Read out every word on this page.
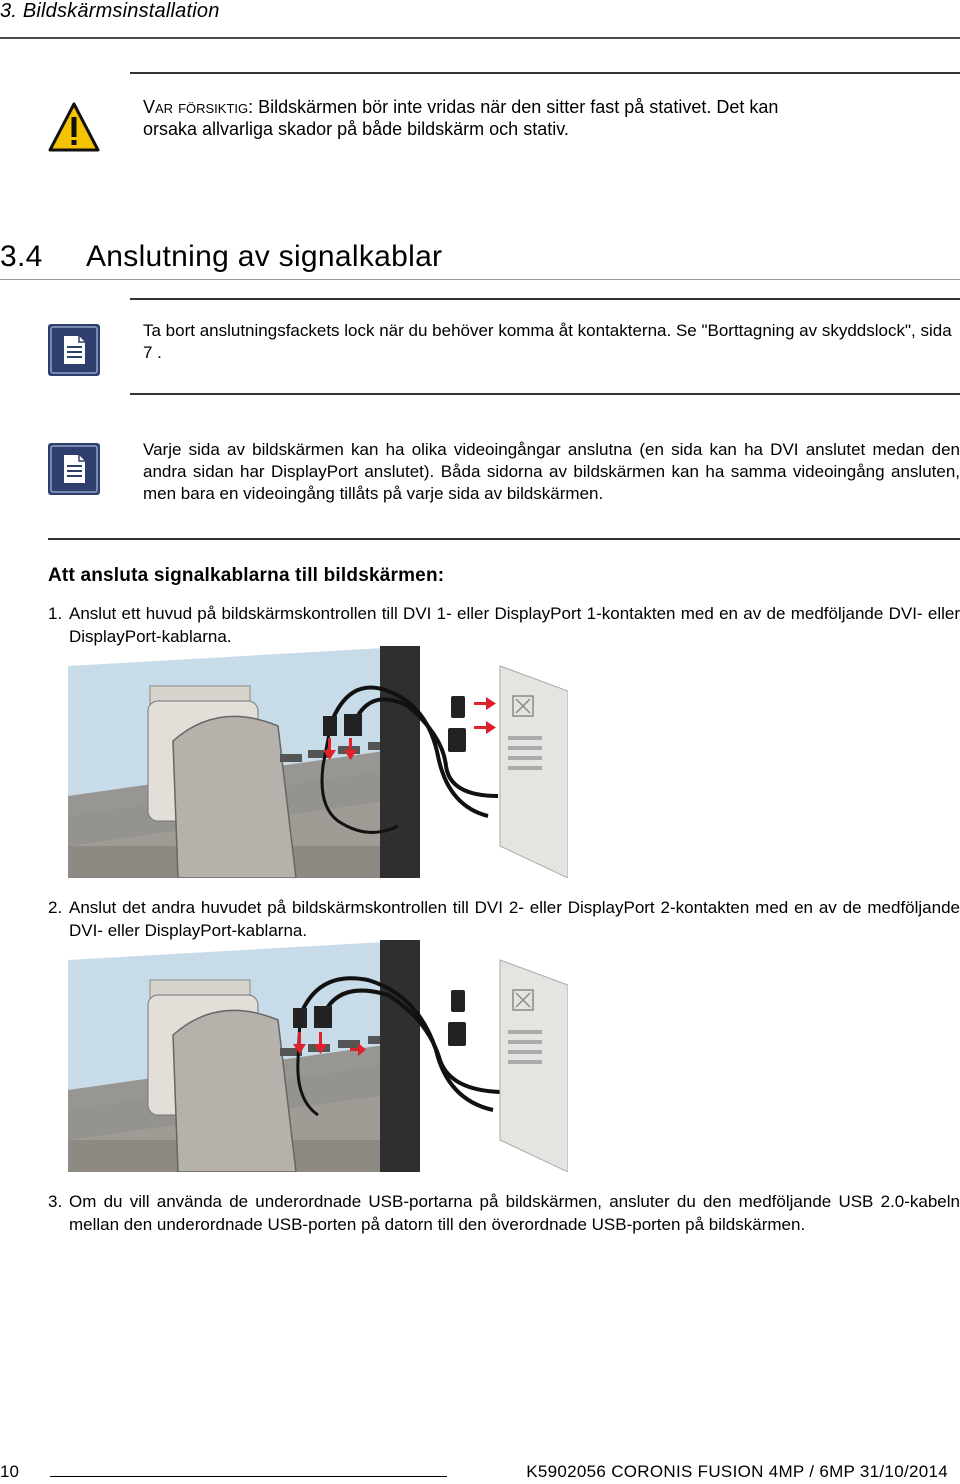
3. Bildskärmsinstallation
Var försiktig: Bildskärmen bör inte vridas när den sitter fast på stativet. Det kan
orsaka allvarliga skador på både bildskärm och stativ.
3.4 Anslutning av signalkablar
Ta bort anslutningsfackets lock när du behöver komma åt kontakterna. Se "Borttagning av skyddslock", sida 7 .
Varje sida av bildskärmen kan ha olika videoingångar anslutna (en sida kan ha DVI anslutet medan den andra sidan har DisplayPort anslutet). Båda sidorna av bildskärmen kan ha samma videoingång ansluten, men bara en videoingång tillåts på varje sida av bildskärmen.
Att ansluta signalkablarna till bildskärmen:
1. Anslut ett huvud på bildskärmskontrollen till DVI 1- eller DisplayPort 1-kontakten med en av de medföljande DVI- eller DisplayPort-kablarna.
2. Anslut det andra huvudet på bildskärmskontrollen till DVI 2- eller DisplayPort 2-kontakten med en av de medföljande DVI- eller DisplayPort-kablarna.
3. Om du vill använda de underordnade USB-portarna på bildskärmen, ansluter du den medföljande USB 2.0-kabeln mellan den underordnade USB-porten på datorn till den överordnade USB-porten på bildskärmen.
10	K5902056 CORONIS FUSION 4MP / 6MP 31/10/2014
